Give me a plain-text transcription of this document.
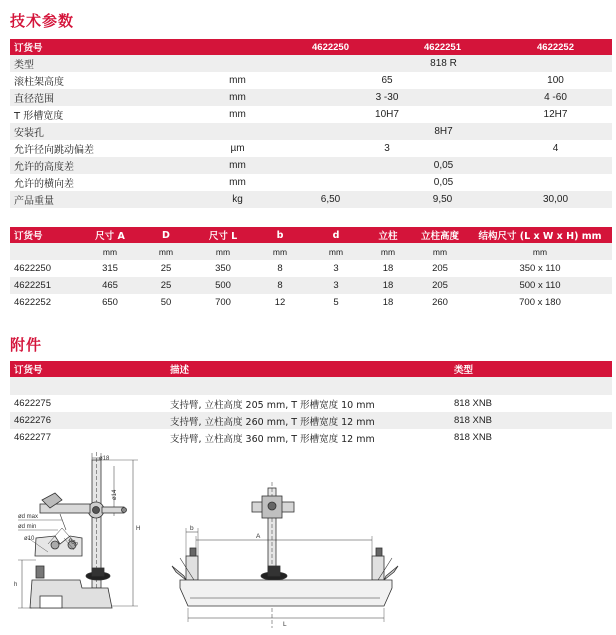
技术参数
订货号		4622250	4622251	4622252
类型		818 R		
滚柱架高度	mm	65		100
直径范围	mm	3 -30		4 -60
T 形槽宽度	mm	10H7		12H7
安装孔		8H7		
允许径向跳动偏差	µm	3		4
允许的高度差	mm	0,05		
允许的横向差	mm	0,05		
产品重量	kg	6,50	9,50	30,00
订货号	尺寸 A	D	尺寸 L	b	d	立柱	立柱高度	结构尺寸 (L x W x H) mm
	mm	mm	mm	mm	mm	mm	mm	mm
4622250	315	25	350	8	3	18	205	350 x 110
4622251	465	25	500	8	3	18	205	500 x 110
4622252	650	50	700	12	5	18	260	700 x 180
附件
订货号	描述	类型

4622275	支持臂, 立柱高度 205 mm, T 形槽宽度 10 mm	818 XNB
4622276	支持臂, 立柱高度 260 mm, T 形槽宽度 12 mm	818 XNB
4622277	支持臂, 立柱高度 360 mm, T 形槽宽度 12 mm	818 XNB
ø18
ø14
H
ød max
ød min
ø10	ø60
h
b
A
L
